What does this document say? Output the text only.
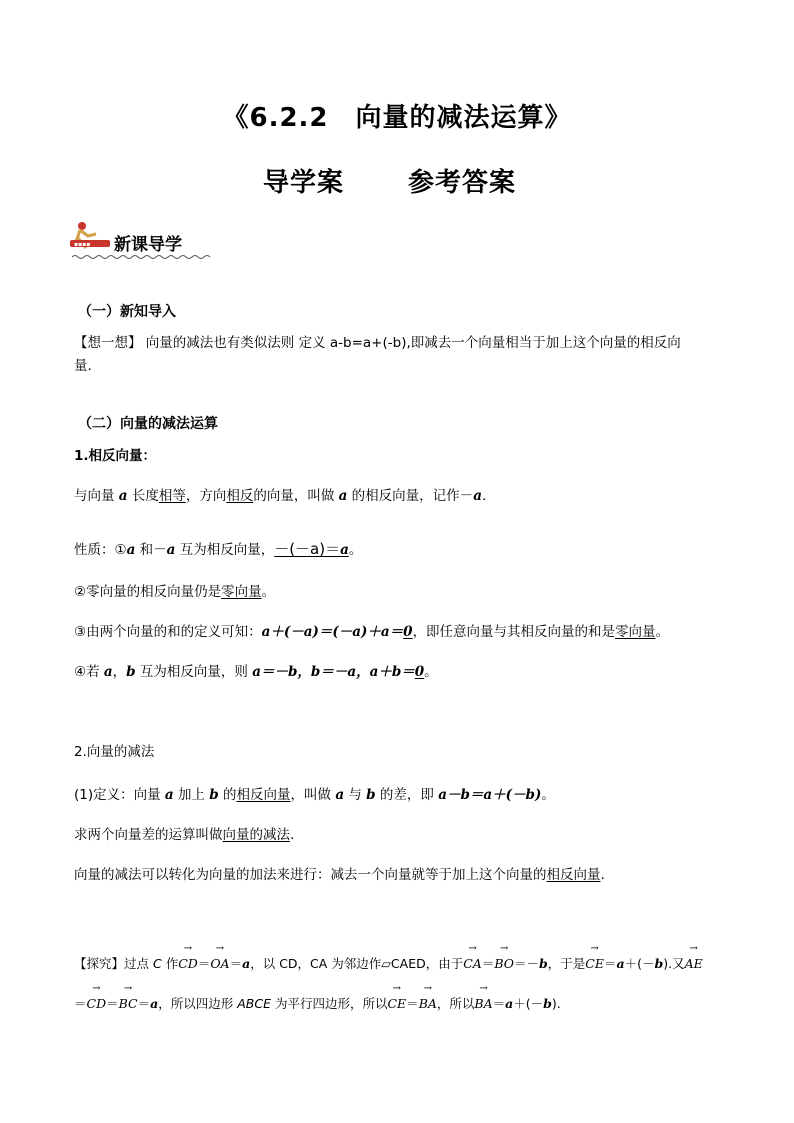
《6.2.2　向量的减法运算》
导学案 参考答案
▪▪▪▪ 新课导学
（一）新知导入
【想一想】 向量的减法也有类似法则 定义 a-b=a+(-b),即减去一个向量相当于加上这个向量的相反向
量.
（二）向量的减法运算
1.相反向量：
与向量 a 长度相等，方向相反的向量，叫做 a 的相反向量，记作－a.
性质：①a 和－a 互为相反向量，－(－a)＝a。
②零向量的相反向量仍是零向量。
③由两个向量的和的定义可知：a＋(－a)＝(－a)＋a＝0，即任意向量与其相反向量的和是零向量。
④若 a，b 互为相反向量，则 a＝－b，b＝－a，a＋b＝0。
2.向量的减法
(1)定义：向量 a 加上 b 的相反向量，叫做 a 与 b 的差，即 a－b＝a＋(－b)。
求两个向量差的运算叫做向量的减法.
向量的减法可以转化为向量的加法来进行：减去一个向量就等于加上这个向量的相反向量.
【探究】过点 C 作→ CD＝→ OA＝a，以 CD，CA 为邻边作▱CAED，由于→ CA＝→ BO＝－b，于是→ CE＝a＋(－b).又→ AE
＝→ CD＝→ BC＝a，所以四边形 ABCE 为平行四边形，所以→ CE＝→ BA，所以→ BA＝a＋(－b).
